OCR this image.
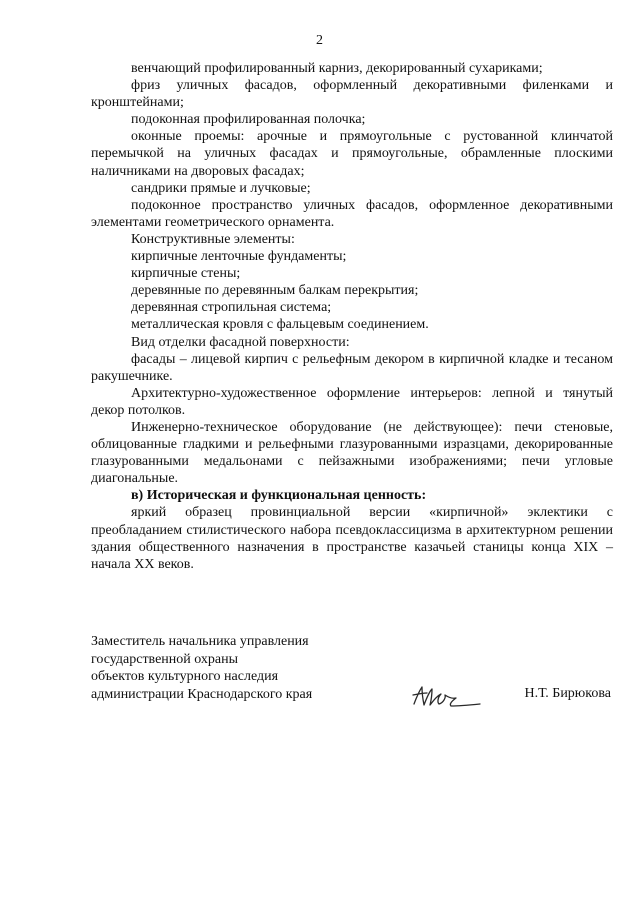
2

венчающий профилированный карниз, декорированный сухариками;

фриз уличных фасадов, оформленный декоративными филенками и кронштейнами;

подоконная профилированная полочка;

оконные проемы: арочные и прямоугольные с рустованной клинчатой перемычкой на уличных фасадах и прямоугольные, обрамленные плоскими наличниками на дворовых фасадах;

сандрики прямые и лучковые;

подоконное пространство уличных фасадов, оформленное декоративными элементами геометрического орнамента.

Конструктивные элементы:

кирпичные ленточные фундаменты;

кирпичные стены;

деревянные по деревянным балкам перекрытия;

деревянная стропильная система;

металлическая кровля с фальцевым соединением.

Вид отделки фасадной поверхности:

фасады – лицевой кирпич с рельефным декором в кирпичной кладке и тесаном ракушечнике.

Архитектурно-художественное оформление интерьеров: лепной и тянутый декор потолков.

Инженерно-техническое оборудование (не действующее): печи стеновые, облицованные гладкими и рельефными глазурованными изразцами, декорированные глазурованными медальонами с пейзажными изображениями; печи угловые диагональные.

в) Историческая и функциональная ценность:

яркий образец провинциальной версии «кирпичной» эклектики с преобладанием стилистического набора псевдоклассицизма в архитектурном решении здания общественного назначения в пространстве казачьей станицы конца XIX – начала XX веков.

Заместитель начальника управления
государственной охраны
объектов культурного наследия
администрации Краснодарского края	Н.Т. Бирюкова
